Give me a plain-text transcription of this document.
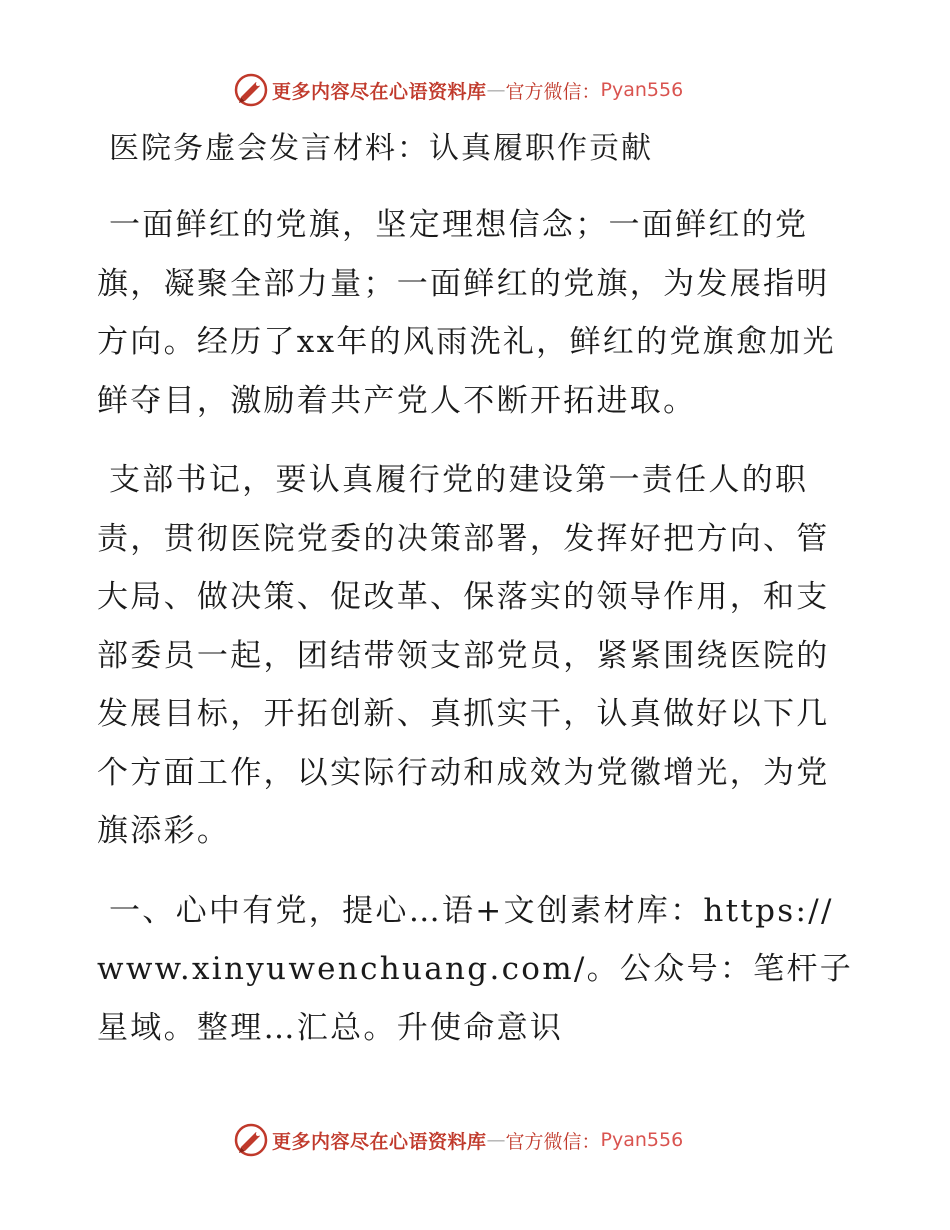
更多内容尽在心语资料库 — 官方微信： Pyan556
医院务虚会发言材料：认真履职作贡献

一面鲜红的党旗，坚定理想信念；一面鲜红的党旗，凝聚全部力量；一面鲜红的党旗，为发展指明方向。经历了xx年的风雨洗礼，鲜红的党旗愈加光鲜夺目，激励着共产党人不断开拓进取。

支部书记，要认真履行党的建设第一责任人的职责，贯彻医院党委的决策部署，发挥好把方向、管大局、做决策、促改革、保落实的领导作用，和支部委员一起，团结带领支部党员，紧紧围绕医院的发展目标，开拓创新、真抓实干，认真做好以下几个方面工作，以实际行动和成效为党徽增光，为党旗添彩。

一、心中有党，提心…语+文创素材库：https://www.xinyuwenchuang.com/。公众号：笔杆子星域。整理…汇总。升使命意识

更多内容尽在心语资料库 — 官方微信： Pyan556
